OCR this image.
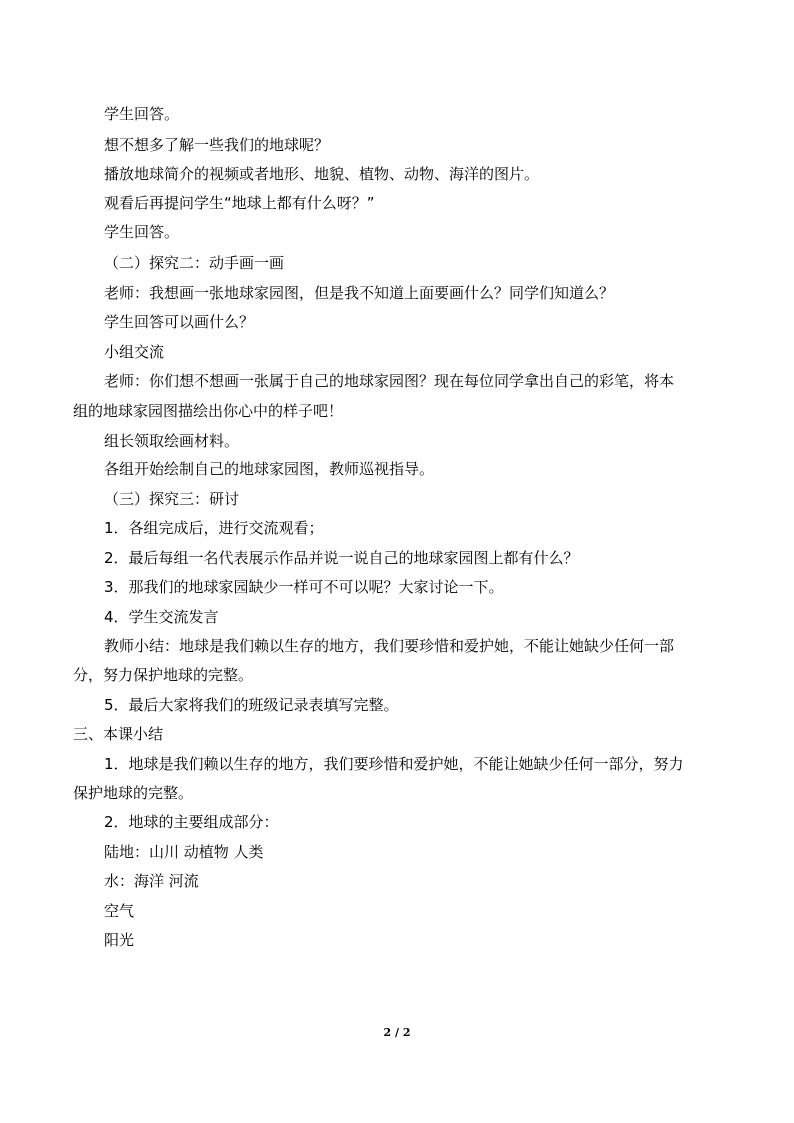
学生回答。
想不想多了解一些我们的地球呢？
播放地球简介的视频或者地形、地貌、植物、动物、海洋的图片。
观看后再提问学生“地球上都有什么呀？”
学生回答。
（二）探究二：动手画一画
老师：我想画一张地球家园图，但是我不知道上面要画什么？同学们知道么？
学生回答可以画什么？
小组交流
老师：你们想不想画一张属于自己的地球家园图？现在每位同学拿出自己的彩笔，将本
组的地球家园图描绘出你心中的样子吧！
组长领取绘画材料。
各组开始绘制自己的地球家园图，教师巡视指导。
（三）探究三：研讨
1．各组完成后，进行交流观看；
2．最后每组一名代表展示作品并说一说自己的地球家园图上都有什么？
3．那我们的地球家园缺少一样可不可以呢？大家讨论一下。
4．学生交流发言
教师小结：地球是我们赖以生存的地方，我们要珍惜和爱护她，不能让她缺少任何一部
分，努力保护地球的完整。
5．最后大家将我们的班级记录表填写完整。
三、本课小结
1．地球是我们赖以生存的地方，我们要珍惜和爱护她，不能让她缺少任何一部分，努力
保护地球的完整。
2．地球的主要组成部分：
陆地：山川 动植物 人类
水：海洋 河流
空气
阳光
2 / 2
